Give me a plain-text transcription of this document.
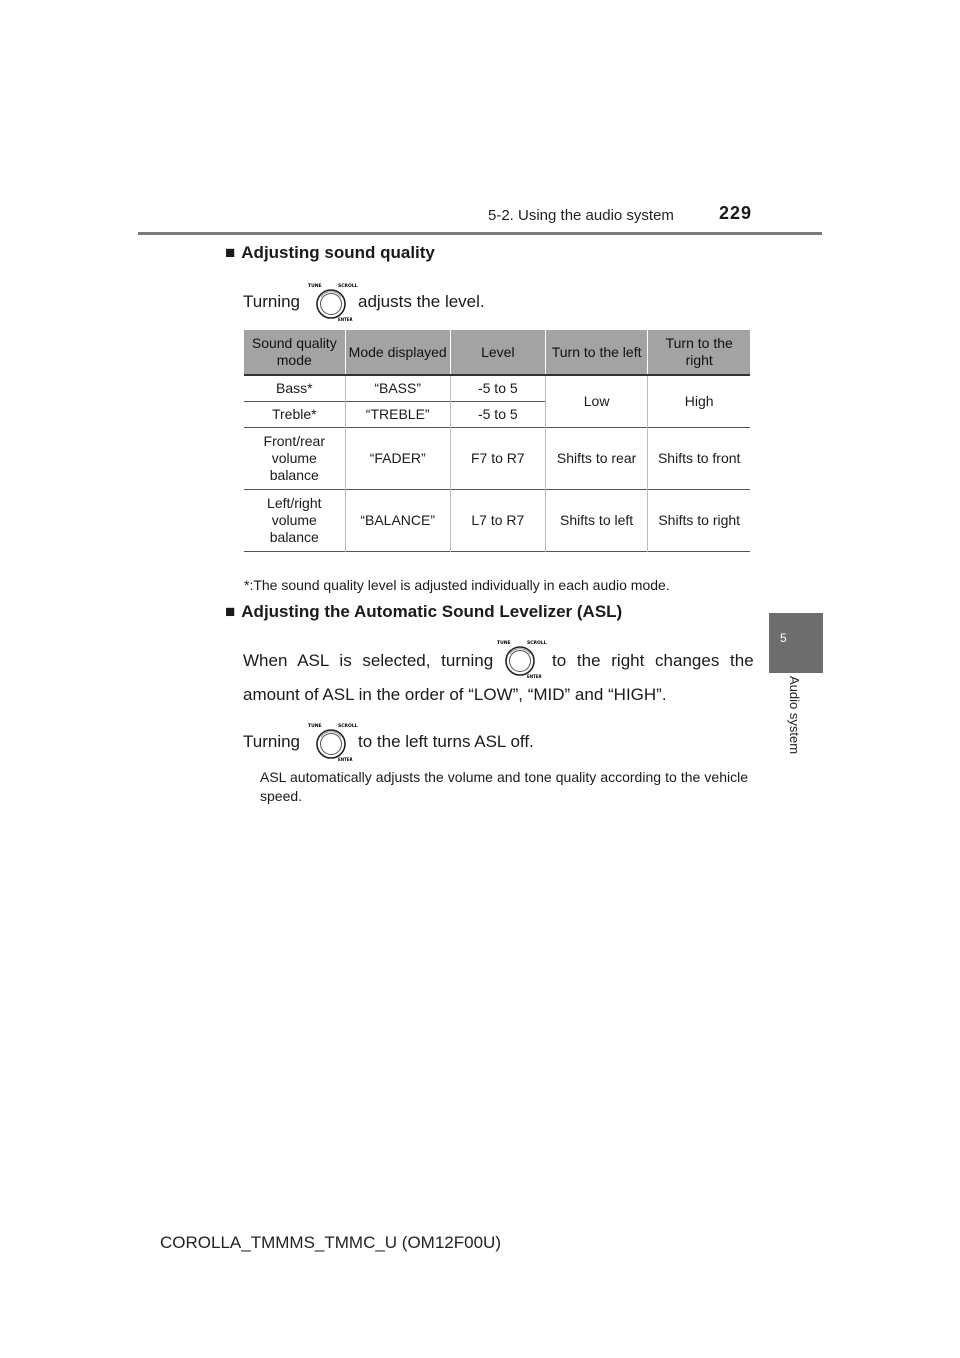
5-2. Using the audio system	229
5
Audio system
■ Adjusting sound quality
Turning
TUNE	SCROLL
ENTER
adjusts the level.
Sound quality mode	Mode displayed	Level	Turn to the left	Turn to the right
Bass*	“BASS”	-5 to 5	Low	High
Treble*	“TREBLE”	-5 to 5		
Front/rear volume balance	“FADER”	F7 to R7	Shifts to rear	Shifts to front
Left/right volume balance	“BALANCE”	L7 to R7	Shifts to left	Shifts to right
*:The sound quality level is adjusted individually in each audio mode.
■ Adjusting the Automatic Sound Levelizer (ASL)
When ASL is selected, turning
TUNE	SCROLL
ENTER
to the right changes the
amount of ASL in the order of “LOW”, “MID” and “HIGH”.
Turning
TUNE	SCROLL
ENTER
to the left turns ASL off.
ASL automatically adjusts the volume and tone quality according to the vehicle speed.
COROLLA_TMMMS_TMMC_U (OM12F00U)
